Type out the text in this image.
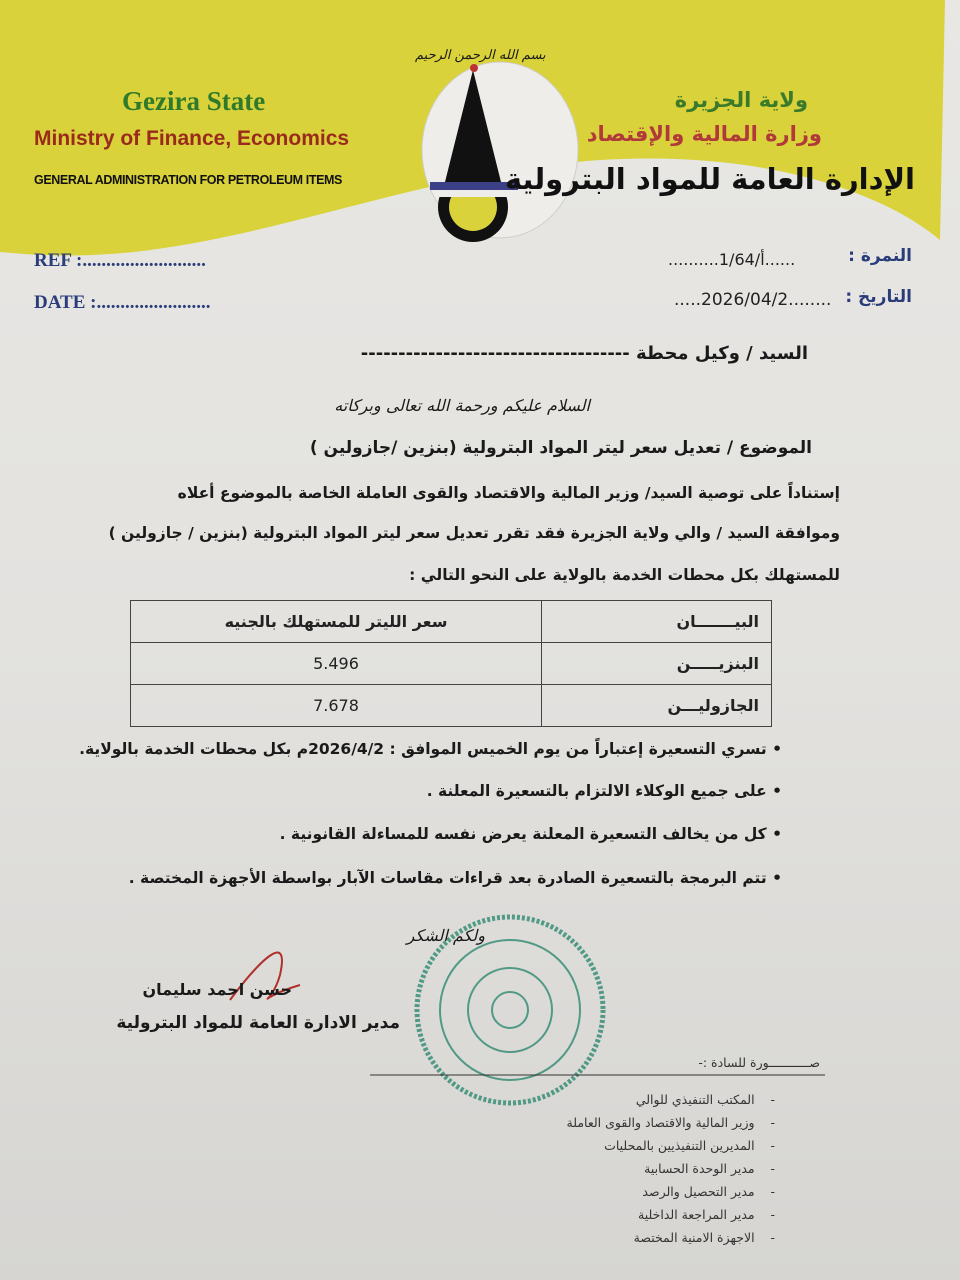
بسم الله الرحمن الرحيم
Gezira State
Ministry of Finance, Economics
GENERAL ADMINISTRATION FOR PETROLEUM ITEMS
ولاية الجزيرة
وزارة المالية والإقتصاد
الإدارة العامة للمواد البترولية
REF :..........................
DATE :........................
النمرة :
..........1/أ/64......
التاريخ :
.....2026/04/2........
السيد / وكيل محطة ------------------------------------
السلام عليكم ورحمة الله تعالى وبركاته
الموضوع / تعديل سعر ليتر المواد البترولية (بنزين /جازولين )
إستناداً على توصية السيد/ وزير المالية والاقتصاد والقوى العاملة الخاصة بالموضوع أعلاه
وموافقة السيد / والي ولاية الجزيرة فقد تقرر تعديل سعر ليتر المواد البترولية (بنزين / جازولين )
للمستهلك بكل محطات الخدمة بالولاية على النحو التالي :
البيـــــــان	سعر الليتر للمستهلك بالجنيه
البنزيـــــن	5.496
الجازوليـــن	7.678
• تسري التسعيرة إعتباراً من يوم الخميس الموافق : 2026/4/2م بكل محطات الخدمة بالولاية.
• على جميع الوكلاء الالتزام بالتسعيرة المعلنة .
• كل من يخالف التسعيرة المعلنة يعرض نفسه للمساءلة القانونية .
• تتم البرمجة بالتسعيرة الصادرة بعد قراءات مقاسات الآبار بواسطة الأجهزة المختصة .
ولكم الشكر
حسن احمد سليمان
مدير الادارة العامة للمواد البترولية
صـــــــــــورة للسادة :-
-    المكتب التنفيذي للوالي
-    وزير المالية والاقتصاد والقوى العاملة
-    المديرين التنفيذيين بالمحليات
-    مدير الوحدة الحسابية
-    مدير التحصيل والرصد
-    مدير المراجعة الداخلية
-    الاجهزة الامنية المختصة
